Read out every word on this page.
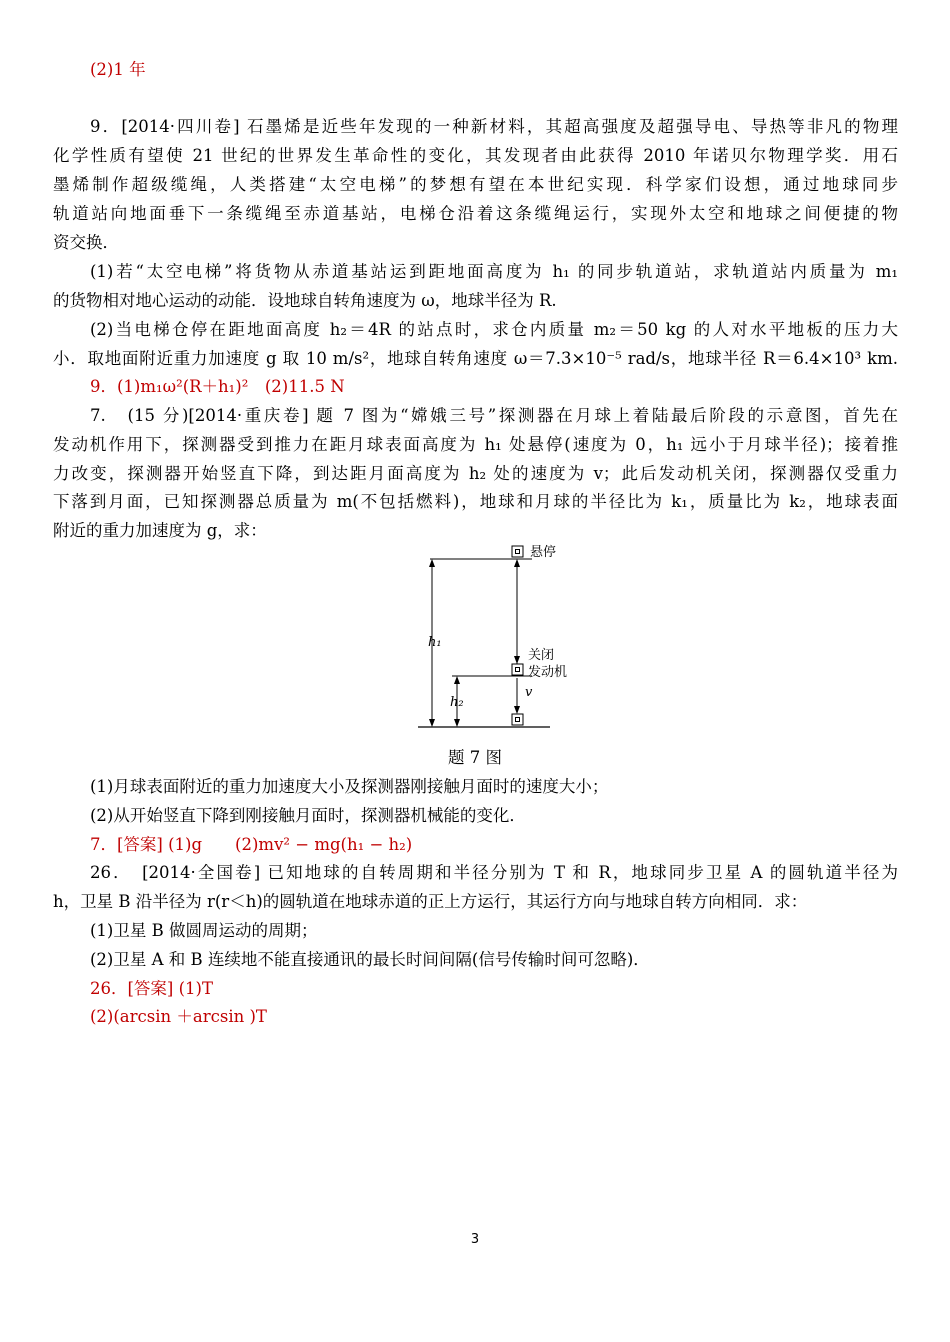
(2)1 年
9．[2014·四川卷] 石墨烯是近些年发现的一种新材料，其超高强度及超强导电、导热等非凡的物理
化学性质有望使 21 世纪的世界发生革命性的变化，其发现者由此获得 2010 年诺贝尔物理学奖．用石
墨烯制作超级缆绳，人类搭建“太空电梯”的梦想有望在本世纪实现．科学家们设想，通过地球同步
轨道站向地面垂下一条缆绳至赤道基站，电梯仓沿着这条缆绳运行，实现外太空和地球之间便捷的物
资交换．
(1)若“太空电梯”将货物从赤道基站运到距地面高度为 h₁ 的同步轨道站，求轨道站内质量为 m₁
的货物相对地心运动的动能．设地球自转角速度为 ω，地球半径为 R.
(2)当电梯仓停在距地面高度 h₂＝4R 的站点时，求仓内质量 m₂＝50 kg 的人对水平地板的压力大
小．取地面附近重力加速度 g 取 10 m/s²，地球自转角速度 ω＝7.3×10⁻⁵ rad/s，地球半径 R＝6.4×10³ km.
9．(1)m₁ω²(R＋h₁)²　(2)11.5 N
7.　(15 分)[2014·重庆卷] 题 7 图为“嫦娥三号”探测器在月球上着陆最后阶段的示意图，首先在
发动机作用下，探测器受到推力在距月球表面高度为 h₁ 处悬停(速度为 0，h₁ 远小于月球半径)；接着推
力改变，探测器开始竖直下降，到达距月面高度为 h₂ 处的速度为 v；此后发动机关闭，探测器仅受重力
下落到月面，已知探测器总质量为 m(不包括燃料)，地球和月球的半径比为 k₁，质量比为 k₂，地球表面
附近的重力加速度为 g，求：
悬停
关闭
发动机
h₁
h₂
v
题 7 图
(1)月球表面附近的重力加速度大小及探测器刚接触月面时的速度大小；
(2)从开始竖直下降到刚接触月面时，探测器机械能的变化．
7．[答案] (1)g　　(2)mv² − mg(h₁ − h₂)
26．　[2014·全国卷] 已知地球的自转周期和半径分别为 T 和 R，地球同步卫星 A 的圆轨道半径为
h，卫星 B 沿半径为 r(r＜h)的圆轨道在地球赤道的正上方运行，其运行方向与地球自转方向相同．求：
(1)卫星 B 做圆周运动的周期；
(2)卫星 A 和 B 连续地不能直接通讯的最长时间间隔(信号传输时间可忽略)．
26．[答案] (1)T
(2)(arcsin ＋arcsin )T
3
